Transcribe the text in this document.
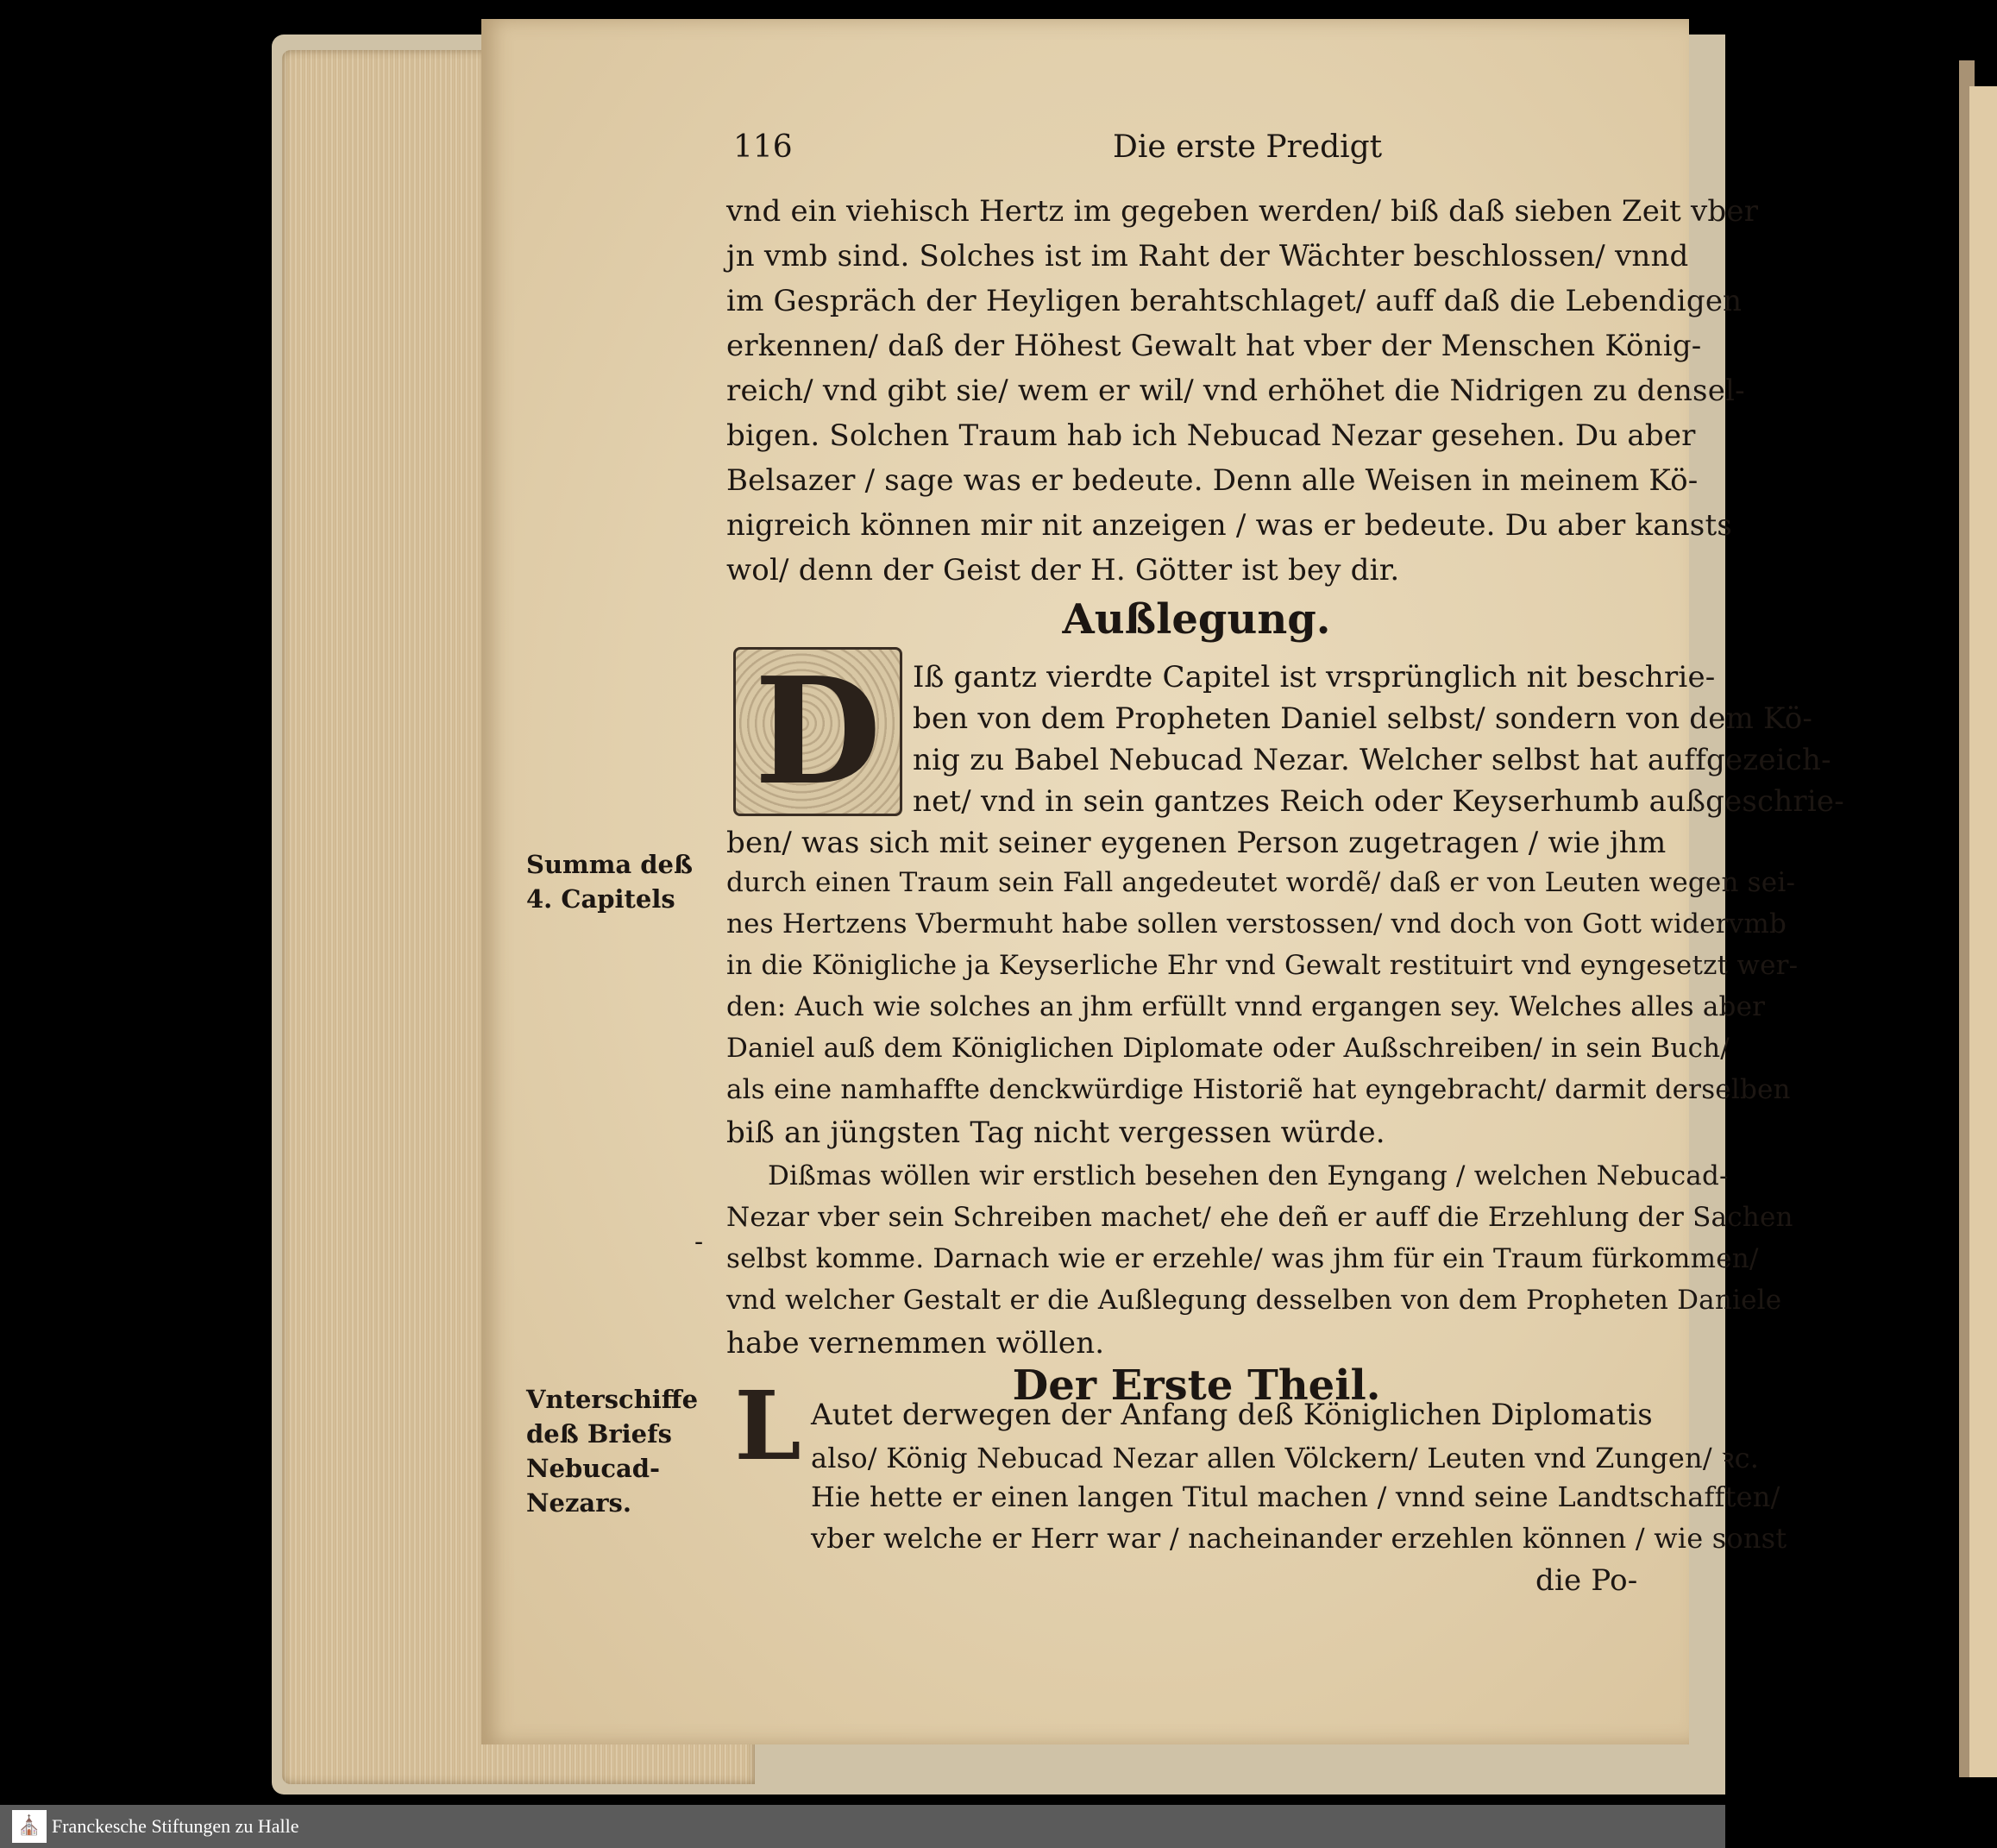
116	Die erste Predigt
vnd ein viehisch Hertz im gegeben werden/ biß daß sieben Zeit vber
jn vmb sind. Solches ist im Raht der Wächter beschlossen/ vnnd
im Gespräch der Heyligen berahtschlaget/ auff daß die Lebendigen
erkennen/ daß der Höhest Gewalt hat vber der Menschen König-
reich/ vnd gibt sie/ wem er wil/ vnd erhöhet die Nidrigen zu densel-
bigen. Solchen Traum hab ich Nebucad Nezar gesehen. Du aber
Belsazer / sage was er bedeute. Denn alle Weisen in meinem Kö-
nigreich können mir nit anzeigen / was er bedeute. Du aber kansts
wol/ denn der Geist der H. Götter ist bey dir.
Außlegung.
D	Iß gantz vierdte Capitel ist vrsprünglich nit beschrie-
ben von dem Propheten Daniel selbst/ sondern von dem Kö-
nig zu Babel Nebucad Nezar. Welcher selbst hat auffgezeich-
net/ vnd in sein gantzes Reich oder Keyserhumb außgeschrie-
ben/ was sich mit seiner eygenen Person zugetragen / wie jhm
durch einen Traum sein Fall angedeutet wordẽ/ daß er von Leuten wegen sei-
nes Hertzens Vbermuht habe sollen verstossen/ vnd doch von Gott widervmb
in die Königliche ja Keyserliche Ehr vnd Gewalt restituirt vnd eyngesetzt wer-
den: Auch wie solches an jhm erfüllt vnnd ergangen sey. Welches alles aber
Daniel auß dem Königlichen Diplomate oder Außschreiben/ in sein Buch/
als eine namhaffte denckwürdige Historiẽ hat eyngebracht/ darmit derselben
biß an jüngsten Tag nicht vergessen würde.
Dißmas wöllen wir erstlich besehen den Eyngang / welchen Nebucad-
Nezar vber sein Schreiben machet/ ehe deñ er auff die Erzehlung der Sachen
selbst komme. Darnach wie er erzehle/ was jhm für ein Traum fürkommen/
vnd welcher Gestalt er die Außlegung desselben von dem Propheten Daniele
habe vernemmen wöllen.
-
Summa deß
4. Capitels
Der Erste Theil.
Vnterschiffe
deß Briefs
Nebucad-
Nezars.
L Autet derwegen der Anfang deß Königlichen Diplomatis
also/ König Nebucad Nezar allen Völckern/ Leuten vnd Zungen/ ꝛc.
Hie hette er einen langen Titul machen / vnnd seine Landtschafften/
vber welche er Herr war / nacheinander erzehlen können / wie sonst
die Po-
⛪ Franckesche Stiftungen zu Halle
